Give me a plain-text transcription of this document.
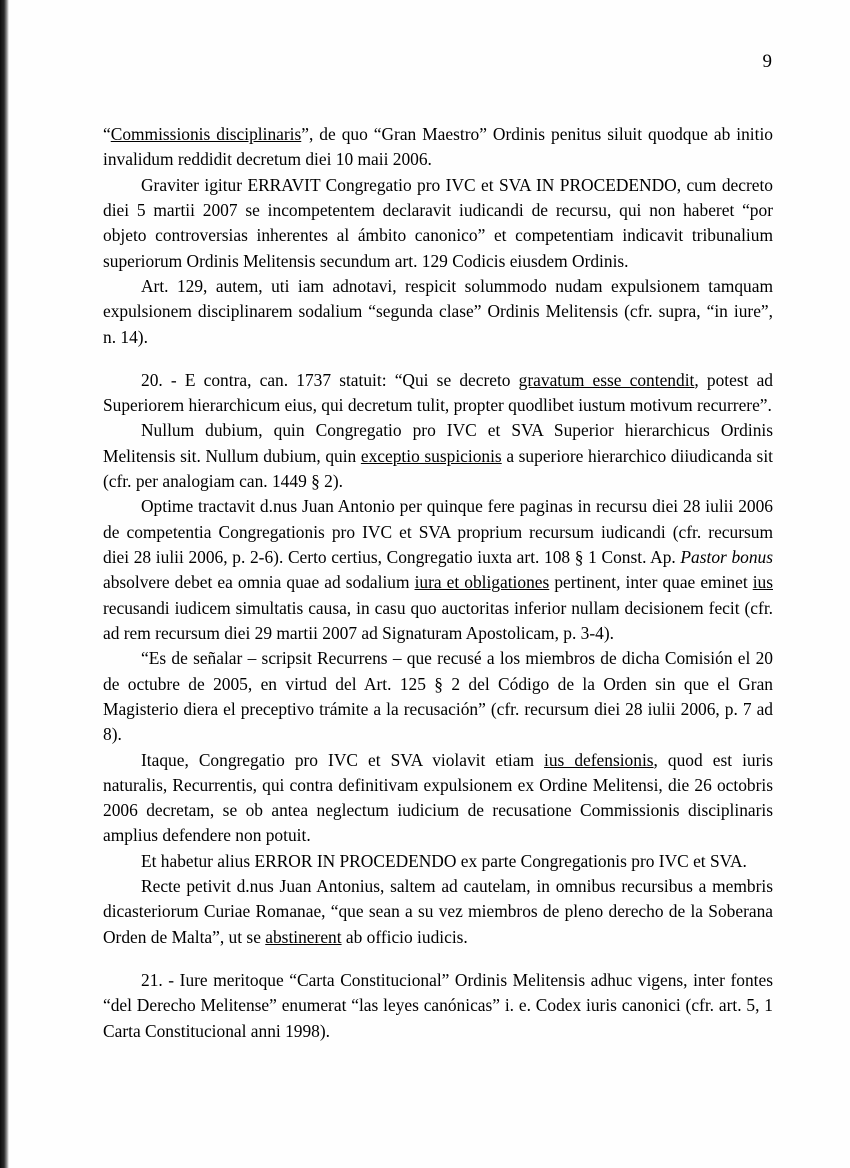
9

“Commissionis disciplinaris”, de quo “Gran Maestro” Ordinis penitus siluit quodque ab initio invalidum reddidit decretum diei 10 maii 2006.

Graviter igitur ERRAVIT Congregatio pro IVC et SVA IN PROCEDENDO, cum decreto diei 5 martii 2007 se incompetentem declaravit iudicandi de recursu, qui non haberet “por objeto controversias inherentes al ámbito canonico” et competentiam indicavit tribunalium superiorum Ordinis Melitensis secundum art. 129 Codicis eiusdem Ordinis.

Art. 129, autem, uti iam adnotavi, respicit solummodo nudam expulsionem tamquam expulsionem disciplinarem sodalium “segunda clase” Ordinis Melitensis (cfr. supra, “in iure”, n. 14).

20. - E contra, can. 1737 statuit: “Qui se decreto gravatum esse contendit, potest ad Superiorem hierarchicum eius, qui decretum tulit, propter quodlibet iustum motivum recurrere”.

Nullum dubium, quin Congregatio pro IVC et SVA Superior hierarchicus Ordinis Melitensis sit. Nullum dubium, quin exceptio suspicionis a superiore hierarchico diiudicanda sit (cfr. per analogiam can. 1449 § 2).

Optime tractavit d.nus Juan Antonio per quinque fere paginas in recursu diei 28 iulii 2006 de competentia Congregationis pro IVC et SVA proprium recursum iudicandi (cfr. recursum diei 28 iulii 2006, p. 2-6). Certo certius, Congregatio iuxta art. 108 § 1 Const. Ap. Pastor bonus absolvere debet ea omnia quae ad sodalium iura et obligationes pertinent, inter quae eminet ius recusandi iudicem simultatis causa, in casu quo auctoritas inferior nullam decisionem fecit (cfr. ad rem recursum diei 29 martii 2007 ad Signaturam Apostolicam, p. 3-4).

“Es de señalar – scripsit Recurrens – que recusé a los miembros de dicha Comisión el 20 de octubre de 2005, en virtud del Art. 125 § 2 del Código de la Orden sin que el Gran Magisterio diera el preceptivo trámite a la recusación” (cfr. recursum diei 28 iulii 2006, p. 7 ad 8).

Itaque, Congregatio pro IVC et SVA violavit etiam ius defensionis, quod est iuris naturalis, Recurrentis, qui contra definitivam expulsionem ex Ordine Melitensi, die 26 octobris 2006 decretam, se ob antea neglectum iudicium de recusatione Commissionis disciplinaris amplius defendere non potuit.

Et habetur alius ERROR IN PROCEDENDO ex parte Congregationis pro IVC et SVA.

Recte petivit d.nus Juan Antonius, saltem ad cautelam, in omnibus recursibus a membris dicasteriorum Curiae Romanae, “que sean a su vez miembros de pleno derecho de la Soberana Orden de Malta”, ut se abstinerent ab officio iudicis.

21. - Iure meritoque “Carta Constitucional” Ordinis Melitensis adhuc vigens, inter fontes “del Derecho Melitense” enumerat “las leyes canónicas” i. e. Codex iuris canonici (cfr. art. 5, 1 Carta Constitucional anni 1998).
